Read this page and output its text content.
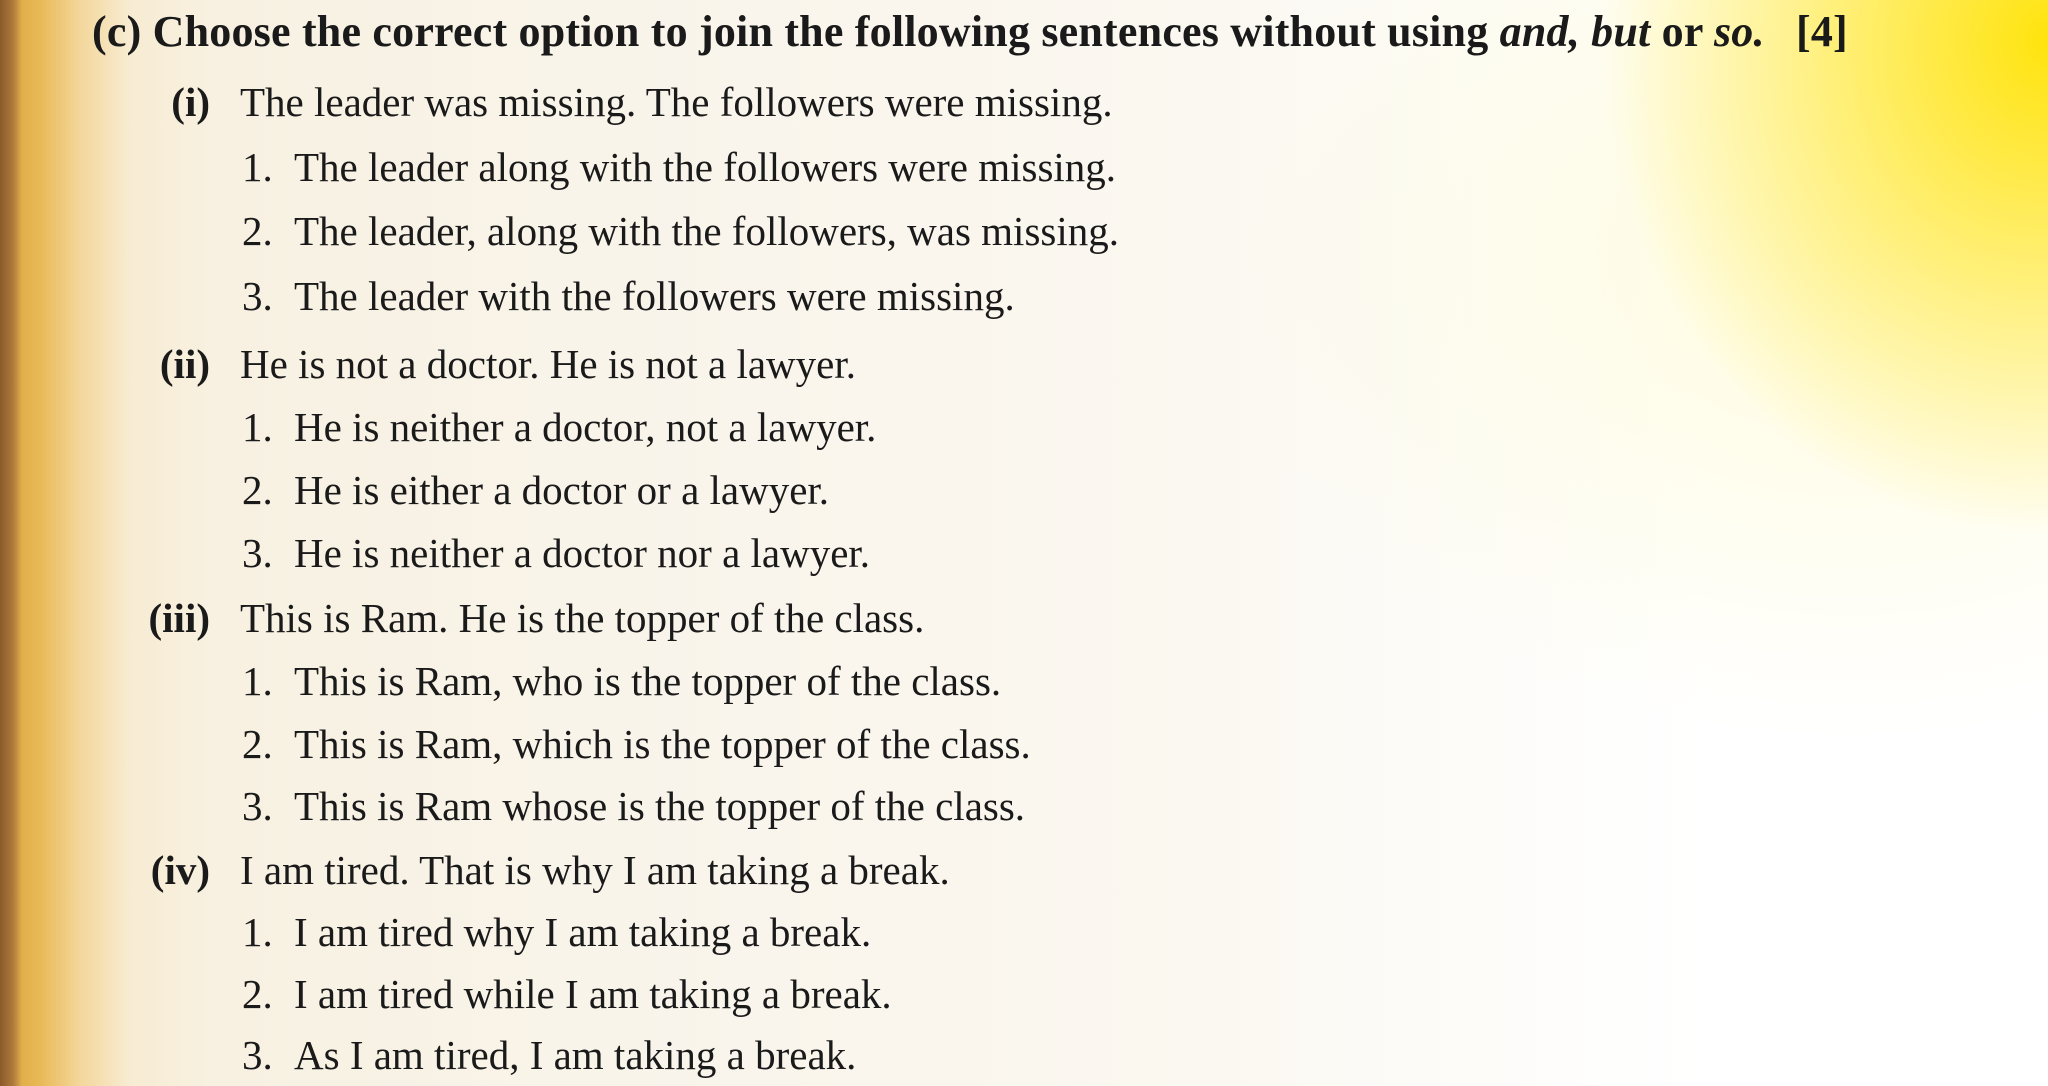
(c) Choose the correct option to join the following sentences without using and, but or so. [4]
(i) The leader was missing. The followers were missing.
1. The leader along with the followers were missing.
2. The leader, along with the followers, was missing.
3. The leader with the followers were missing.
(ii) He is not a doctor. He is not a lawyer.
1. He is neither a doctor, not a lawyer.
2. He is either a doctor or a lawyer.
3. He is neither a doctor nor a lawyer.
(iii) This is Ram. He is the topper of the class.
1. This is Ram, who is the topper of the class.
2. This is Ram, which is the topper of the class.
3. This is Ram whose is the topper of the class.
(iv) I am tired. That is why I am taking a break.
1. I am tired why I am taking a break.
2. I am tired while I am taking a break.
3. As I am tired, I am taking a break.
